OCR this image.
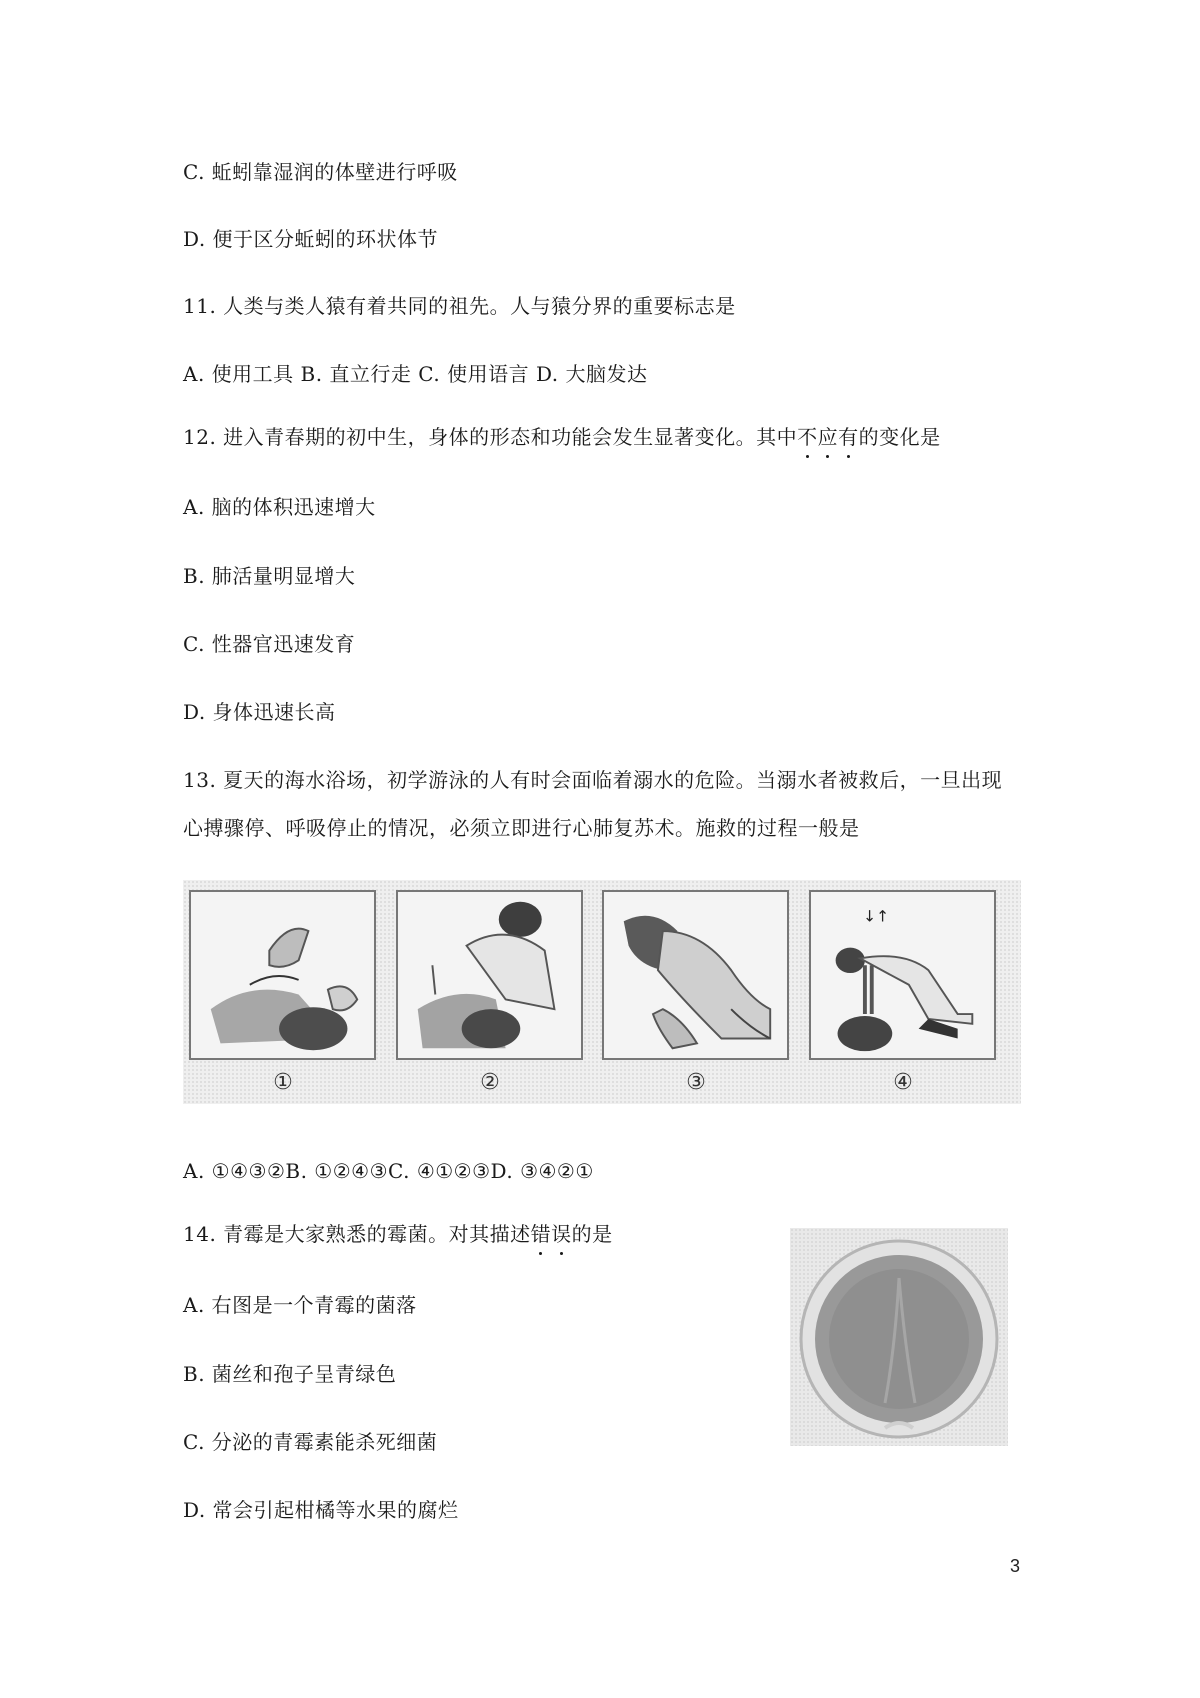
C. 蚯蚓靠湿润的体壁进行呼吸
D. 便于区分蚯蚓的环状体节
11. 人类与类人猿有着共同的祖先。人与猿分界的重要标志是
A. 使用工具 B. 直立行走 C. 使用语言 D. 大脑发达
12. 进入青春期的初中生，身体的形态和功能会发生显著变化。其中不应有的变化是
A. 脑的体积迅速增大
B. 肺活量明显增大
C. 性器官迅速发育
D. 身体迅速长高
13. 夏天的海水浴场，初学游泳的人有时会面临着溺水的危险。当溺水者被救后，一旦出现
心搏骤停、呼吸停止的情况，必须立即进行心肺复苏术。施救的过程一般是
①	②	③
↓↑
④
A. ①④③②B. ①②④③C. ④①②③D. ③④②①
14. 青霉是大家熟悉的霉菌。对其描述错误的是
A. 右图是一个青霉的菌落
B. 菌丝和孢子呈青绿色
C. 分泌的青霉素能杀死细菌
D. 常会引起柑橘等水果的腐烂
3
